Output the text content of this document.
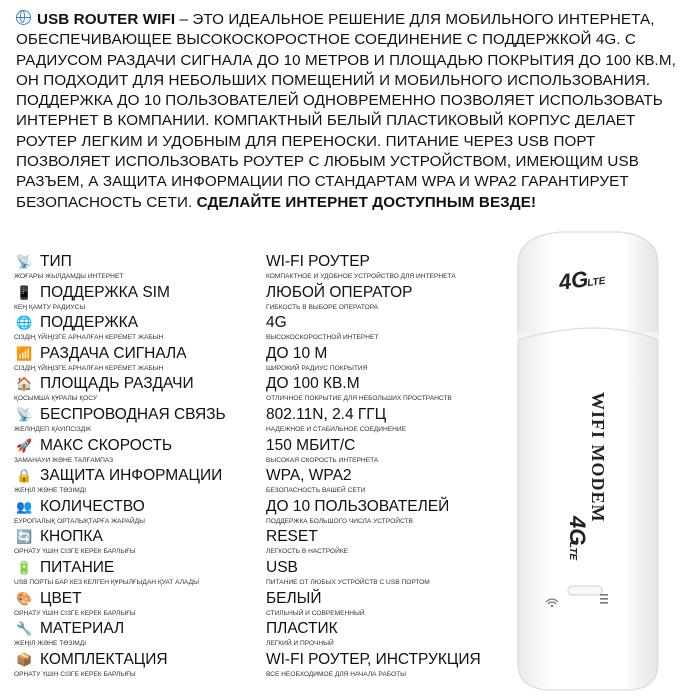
USB ROUTER WIFI – ЭТО ИДЕАЛЬНОЕ РЕШЕНИЕ ДЛЯ МОБИЛЬНОГО ИНТЕРНЕТА, ОБЕСПЕЧИВАЮЩЕЕ ВЫСОКОСКОРОСТНОЕ СОЕДИНЕНИЕ С ПОДДЕРЖКОЙ 4G. С РАДИУСОМ РАЗДАЧИ СИГНАЛА ДО 10 МЕТРОВ И ПЛОЩАДЬЮ ПОКРЫТИЯ ДО 100 КВ.М, ОН ПОДХОДИТ ДЛЯ НЕБОЛЬШИХ ПОМЕЩЕНИЙ И МОБИЛЬНОГО ИСПОЛЬЗОВАНИЯ. ПОДДЕРЖКА ДО 10 ПОЛЬЗОВАТЕЛЕЙ ОДНОВРЕМЕННО ПОЗВОЛЯЕТ ИСПОЛЬЗОВАТЬ ИНТЕРНЕТ В КОМПАНИИ. КОМПАКТНЫЙ БЕЛЫЙ ПЛАСТИКОВЫЙ КОРПУС ДЕЛАЕТ РОУТЕР ЛЕГКИМ И УДОБНЫМ ДЛЯ ПЕРЕНОСКИ. ПИТАНИЕ ЧЕРЕЗ USB ПОРТ ПОЗВОЛЯЕТ ИСПОЛЬЗОВАТЬ РОУТЕР С ЛЮБЫМ УСТРОЙСТВОМ, ИМЕЮЩИМ USB РАЗЪЕМ, А ЗАЩИТА ИНФОРМАЦИИ ПО СТАНДАРТАМ WPA И WPA2 ГАРАНТИРУЕТ БЕЗОПАСНОСТЬ СЕТИ. СДЕЛАЙТЕ ИНТЕРНЕТ ДОСТУПНЫМ ВЕЗДЕ!
📡 ТИП
ЖОҒАРЫ ЖЫЛДАМДЫ ИНТЕРНЕТ
WI-FI РОУТЕР
КОМПАКТНОЕ И УДОБНОЕ УСТРОЙСТВО ДЛЯ ИНТЕРНЕТА
📱 ПОДДЕРЖКА SIM
КЕҢ ҚАМТУ РАДИУСЫ
ЛЮБОЙ ОПЕРАТОР
ГИБКОСТЬ В ВЫБОРЕ ОПЕРАТОРА
🌐 ПОДДЕРЖКА
СІЗДІҢ ҮЙІҢІЗГЕ АРНАЛҒАН КЕРЕМЕТ ЖАБЫН
4G
ВЫСОКОСКОРОСТНОЙ ИНТЕРНЕТ
📶 РАЗДАЧА СИГНАЛА
СІЗДІҢ ҮЙІҢІЗГЕ АРНАЛҒАН КЕРЕМЕТ ЖАБЫН
ДО 10 М
ШИРОКИЙ РАДИУС ПОКРЫТИЯ
🏠 ПЛОЩАДЬ РАЗДАЧИ
ҚОСЫМША ҚҰРАЛЫ ҚОСУ
ДО 100 КВ.М
ОТЛИЧНОЕ ПОКРЫТИЕ ДЛЯ НЕБОЛЬШИХ ПРОСТРАНСТВ
📡 БЕСПРОВОДНАЯ СВЯЗЬ
ЖЕЛІНДЕГІ ҚАУІПСІЗДІК
802.11N, 2.4 ГГЦ
НАДЕЖНОЕ И СТАБИЛЬНОЕ СОЕДИНЕНИЕ
🚀 МАКС СКОРОСТЬ
ЗАМАНАУИ ЖӘНЕ ТАЛҒАМПАЗ
150 МБИТ/С
ВЫСОКАЯ СКОРОСТЬ ИНТЕРНЕТА
🔒 ЗАЩИТА ИНФОРМАЦИИ
ЖЕҢІЛ ЖӘНЕ ТӨЗІМДІ
WPA, WPA2
БЕЗОПАСНОСТЬ ВАШЕЙ СЕТИ
👥 КОЛИЧЕСТВО
ЕУРОПАЛЫҚ ОРТАЛЫҚТАРҒА ЖАРАЙДЫ
ДО 10 ПОЛЬЗОВАТЕЛЕЙ
ПОДДЕРЖКА БОЛЬШОГО ЧИСЛА УСТРОЙСТВ
🔄 КНОПКА
ОРНАТУ ҮШІН СІЗГЕ КЕРЕК БАРЛЫҒЫ
RESET
ЛЕГКОСТЬ В НАСТРОЙКЕ
🔋 ПИТАНИЕ
USB ПОРТЫ БАР КЕЗ КЕЛГЕН ҚҰРЫЛҒЫДАН ҚУАТ АЛАДЫ
USB
ПИТАНИЕ ОТ ЛЮБЫХ УСТРОЙСТВ С USB ПОРТОМ
🎨 ЦВЕТ
ОРНАТУ ҮШІН СІЗГЕ КЕРЕК БАРЛЫҒЫ
БЕЛЫЙ
СТИЛЬНЫЙ И СОВРЕМЕННЫЙ
🔧 МАТЕРИАЛ
ЖЕҢІЛ ЖӘНЕ ТӨЗІМДІ
ПЛАСТИК
ЛЕГКИЙ И ПРОЧНЫЙ
📦 КОМПЛЕКТАЦИЯ
ОРНАТУ ҮШІН СІЗГЕ КЕРЕК БАРЛЫҒЫ
WI-FI РОУТЕР, ИНСТРУКЦИЯ
ВСЕ НЕОБХОДИМОЕ ДЛЯ НАЧАЛА РАБОТЫ
4G
LTE
WIFI MODEM
4G
LTE
